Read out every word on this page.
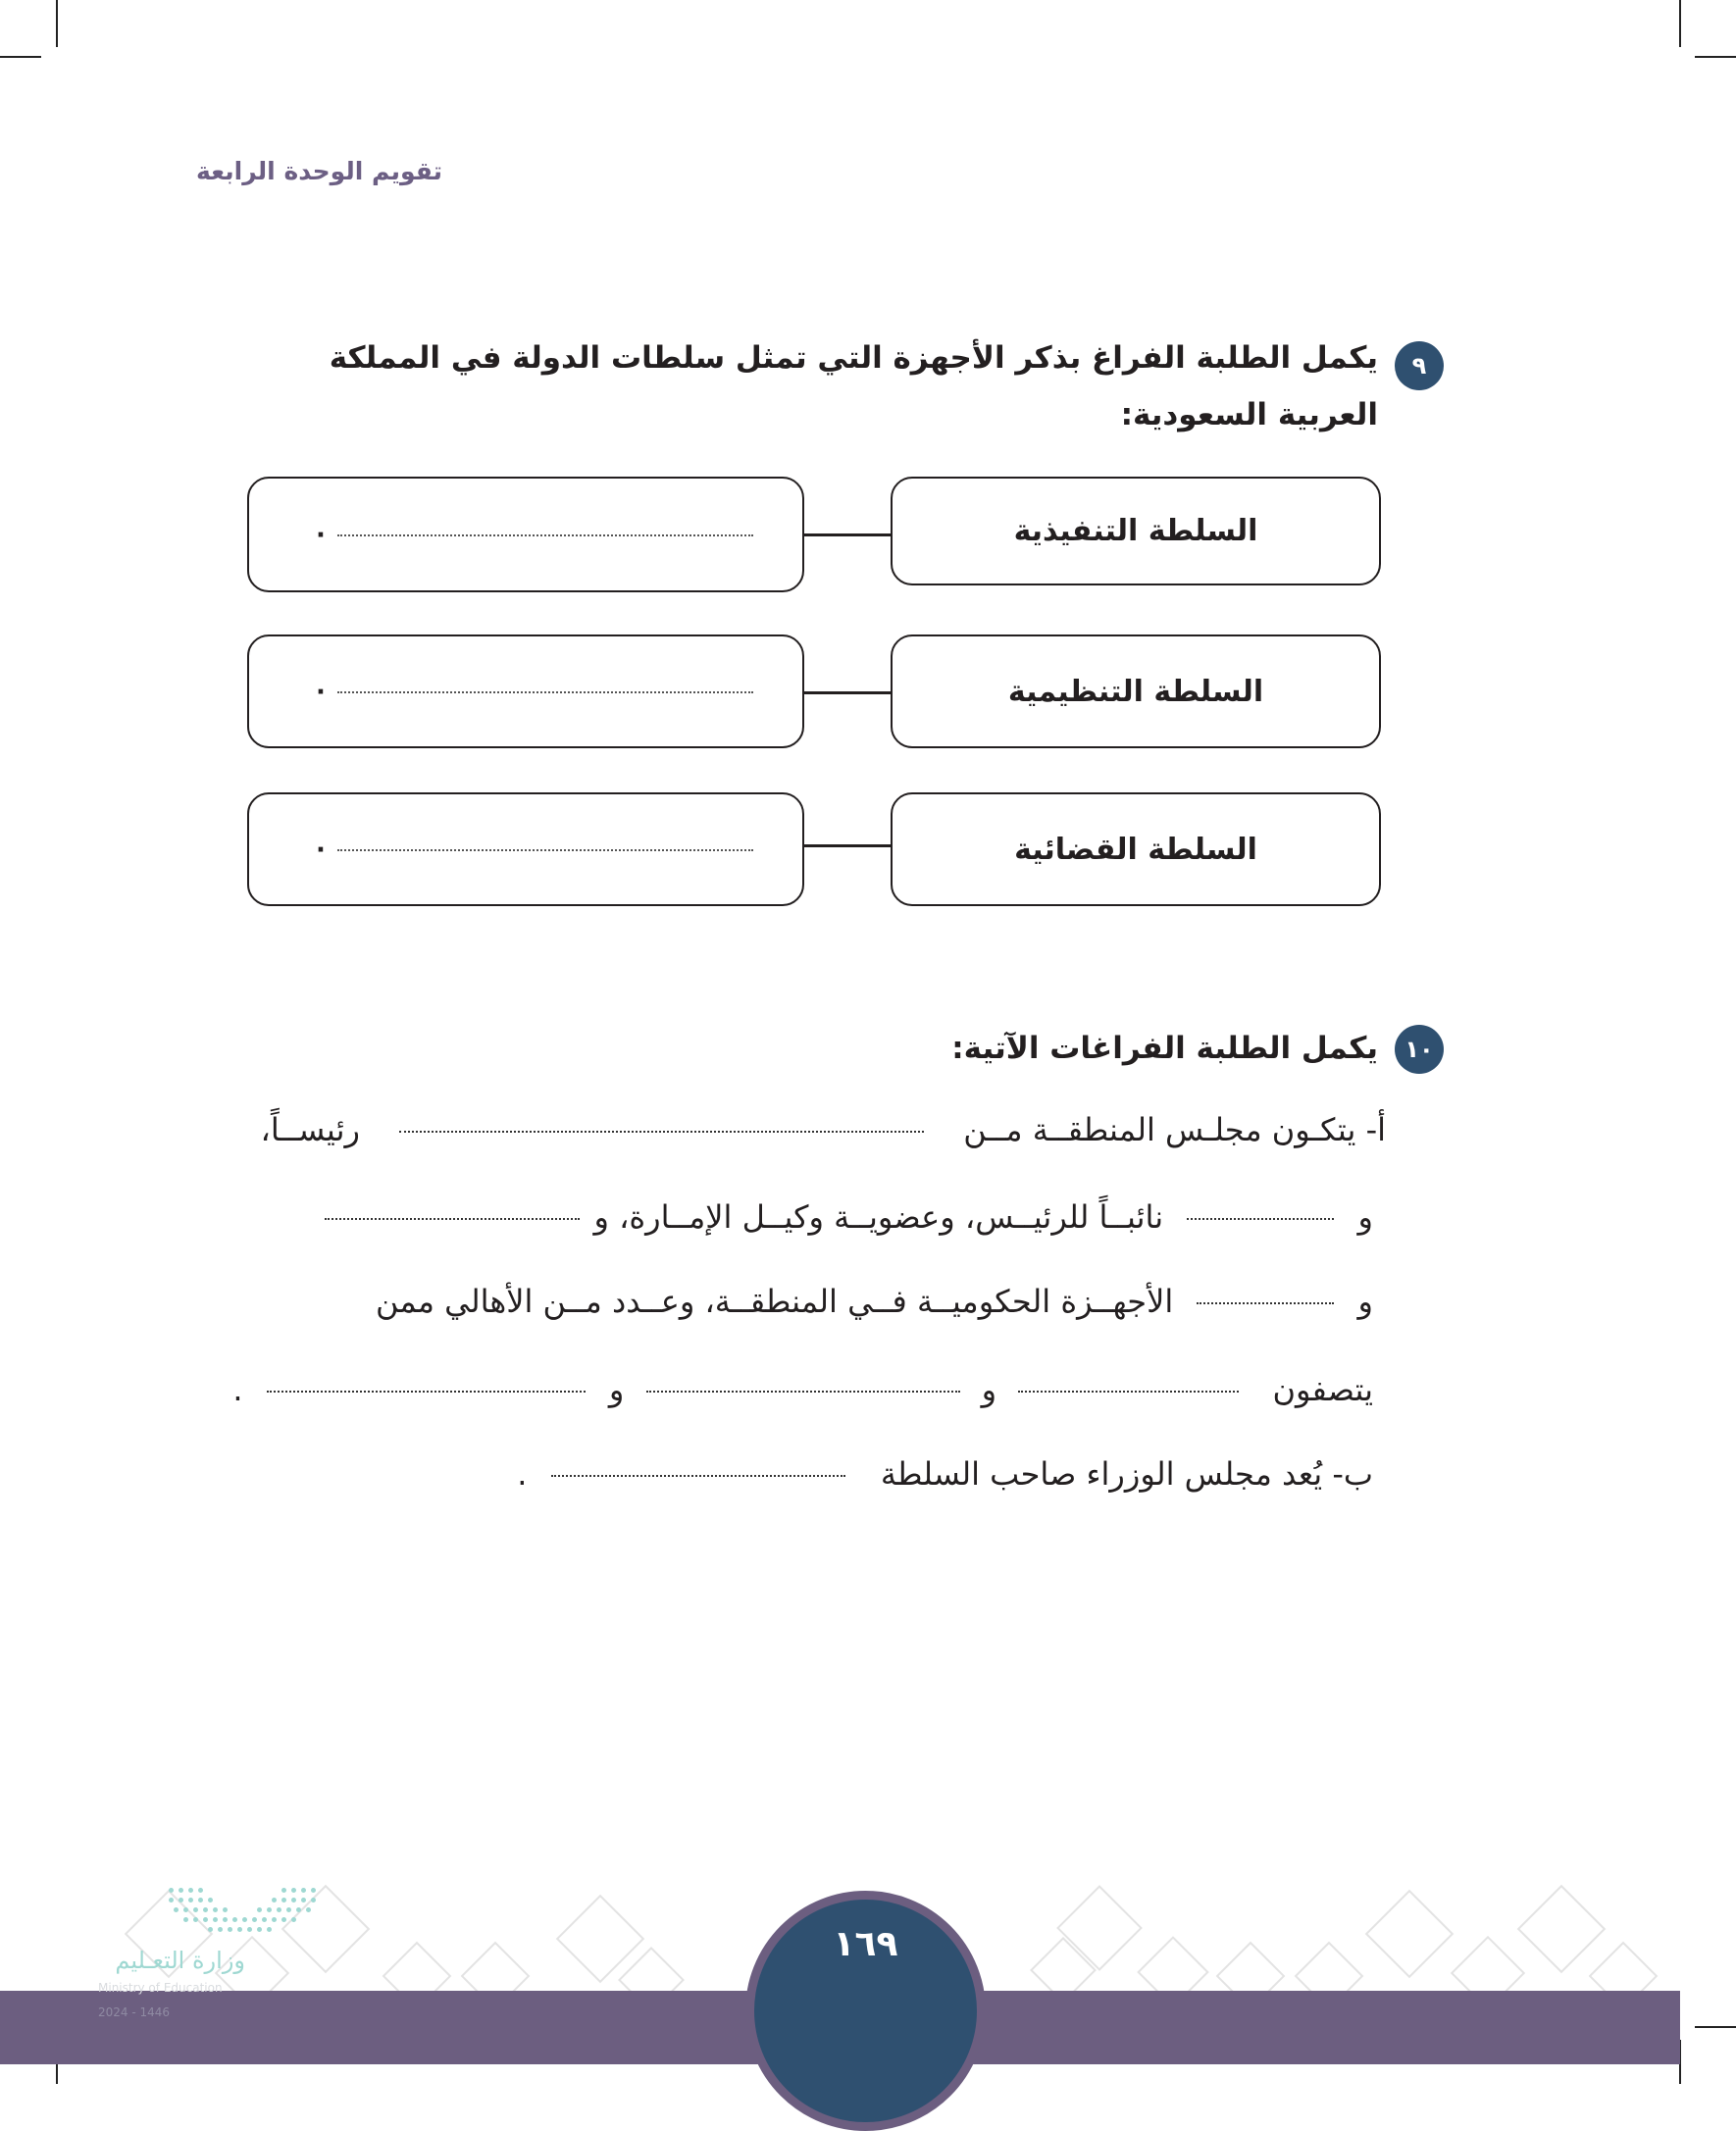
تقويم الوحدة الرابعة
٩
يكمل الطلبة الفراغ بذكر الأجهزة التي تمثل سلطات الدولة في المملكة العربية السعودية:
السلطة التنفيذية
.
السلطة التنظيمية
.
السلطة القضائية
.
١٠
يكمل الطلبة الفراغات الآتية:
أ- يتكـون مجلـس المنطقــة مــن  رئيســاً،
و  نائبــاً للرئيــس، وعضويــة وكيــل الإمــارة، و
و  الأجهــزة الحكوميــة فــي المنطقــة، وعــدد مــن الأهالي ممن
يتصفون  و  و  .
ب- يُعد مجلس الوزراء صاحب السلطة  .
١٦٩
وزارة التعـليم
Ministry of Education
2024 - 1446
